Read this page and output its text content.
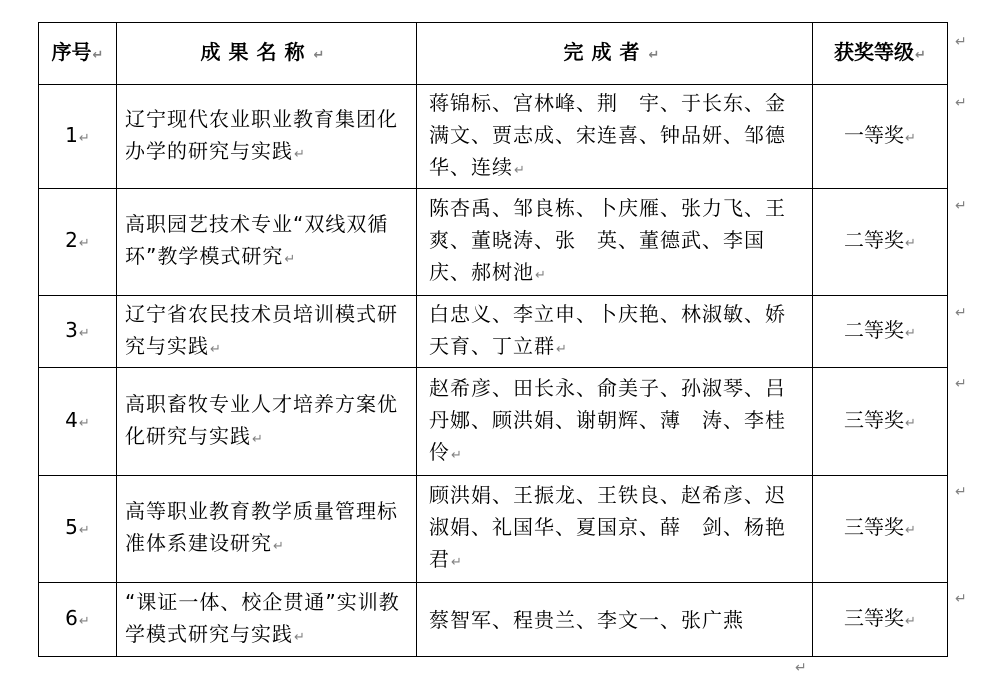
序号↵	成果名称↵	完成者↵	获奖等级↵
1↵	辽宁现代农业职业教育集团化办学的研究与实践↵	蒋锦标、宫林峰、荆　宇、于长东、金满文、贾志成、宋连喜、钟品妍、邹德华、连续↵	一等奖↵
2↵	高职园艺技术专业“双线双循环”教学模式研究↵	陈杏禹、邹良栋、卜庆雁、张力飞、王　爽、董晓涛、张　英、董德武、李国庆、郝树池↵	二等奖↵
3↵	辽宁省农民技术员培训模式研究与实践↵	白忠义、李立申、卜庆艳、林淑敏、娇天育、丁立群↵	二等奖↵
4↵	高职畜牧专业人才培养方案优化研究与实践↵	赵希彦、田长永、俞美子、孙淑琴、吕丹娜、顾洪娟、谢朝辉、薄　涛、李桂伶↵	三等奖↵
5↵	高等职业教育教学质量管理标准体系建设研究↵	顾洪娟、王振龙、王铁良、赵希彦、迟淑娟、礼国华、夏国京、薛　剑、杨艳君↵	三等奖↵
6↵	“课证一体、校企贯通”实训教学模式研究与实践↵	蔡智军、程贵兰、李文一、张广燕	三等奖↵
↵
↵
↵
↵
↵
↵
↵
↵
